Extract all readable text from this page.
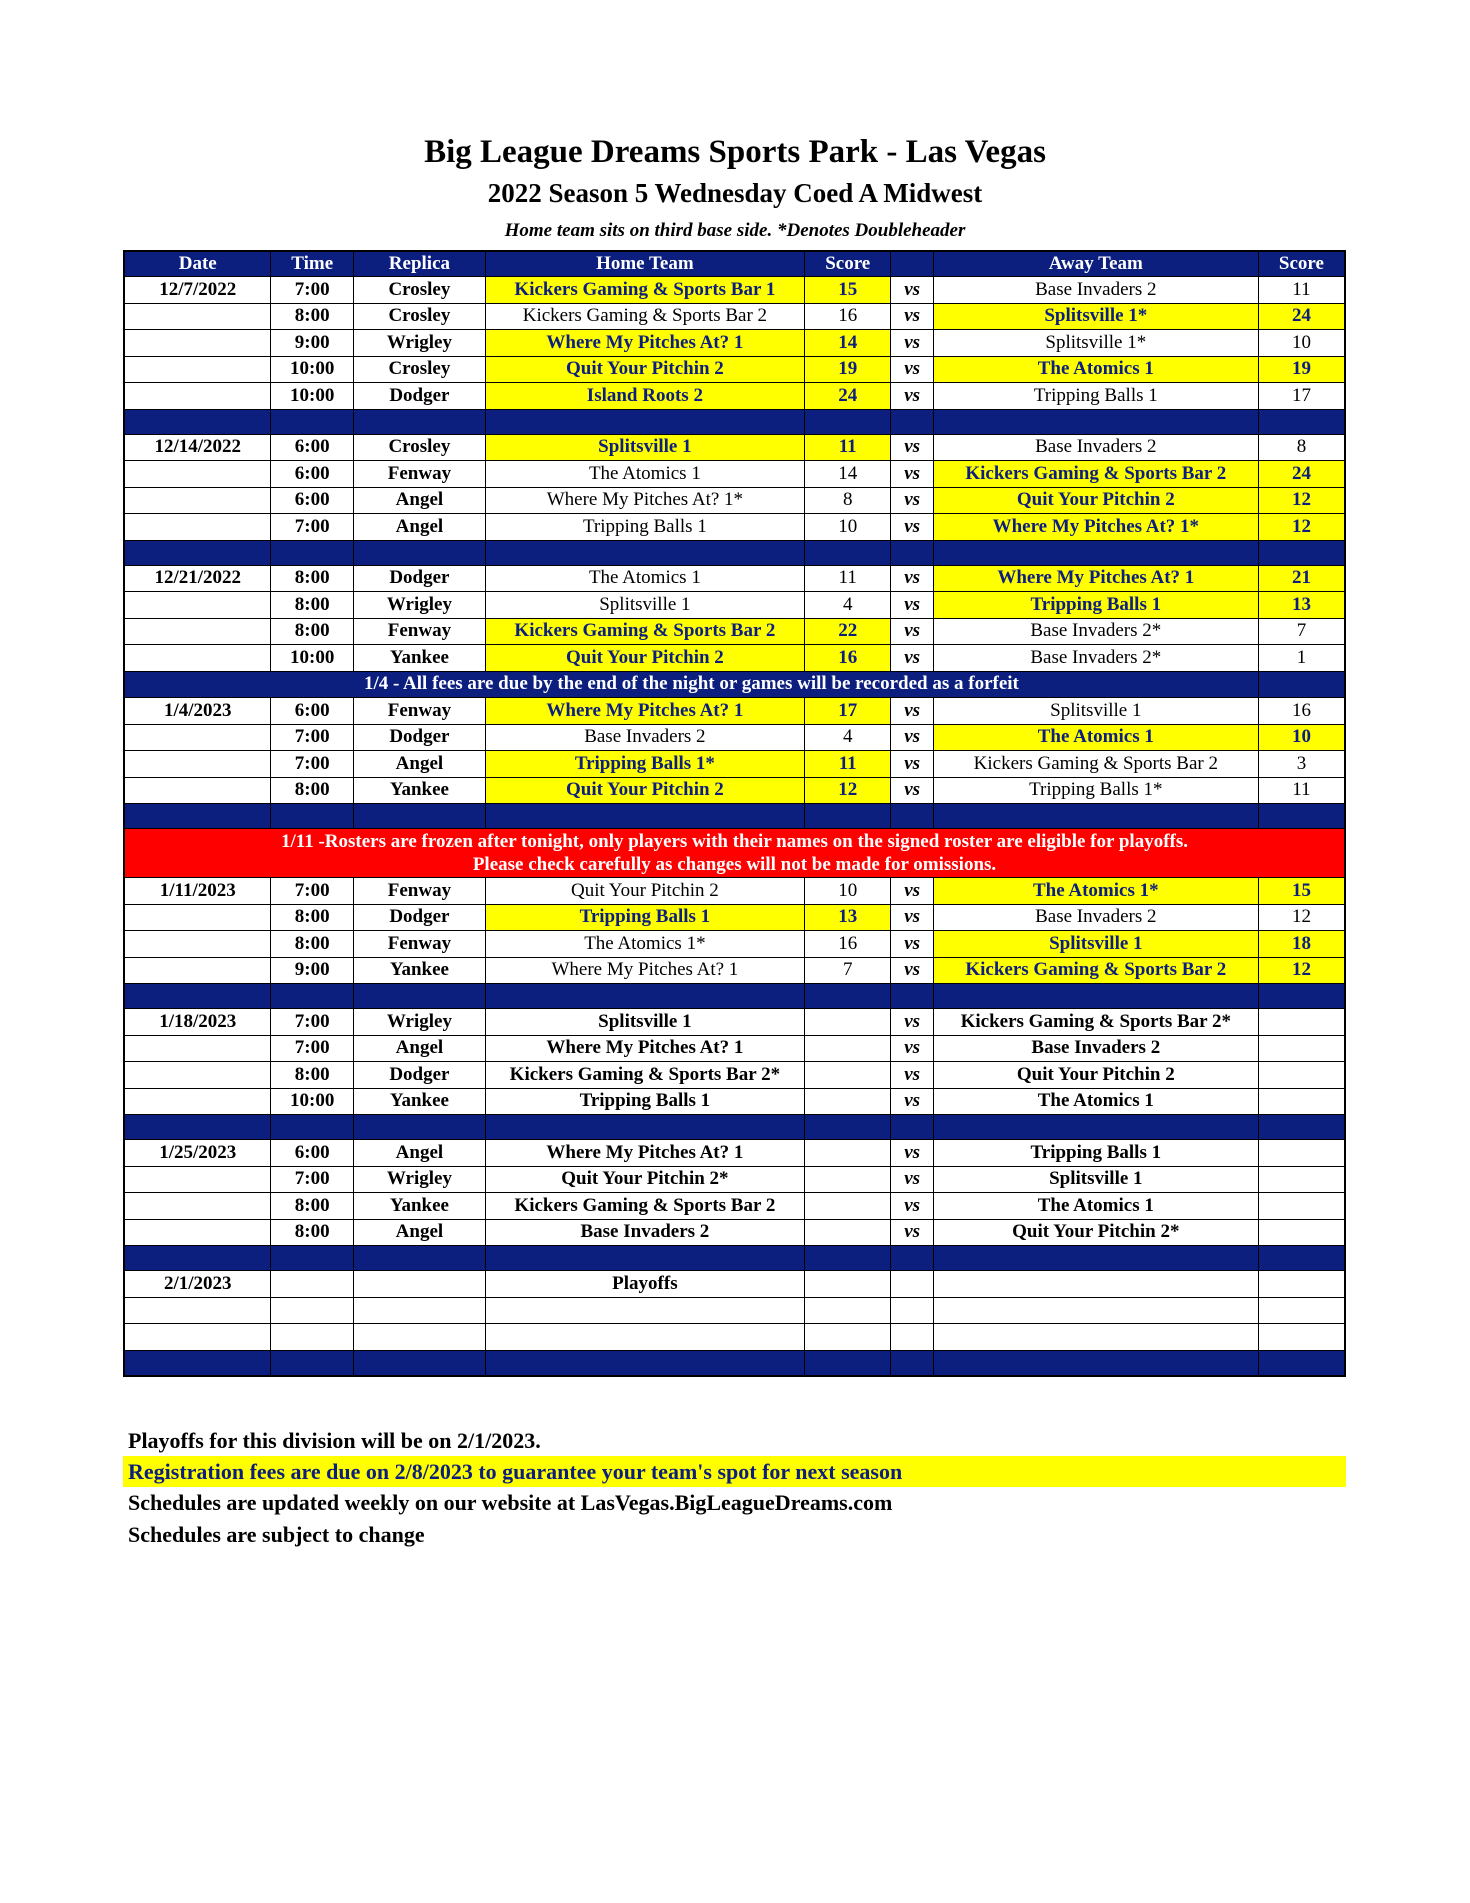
Big League Dreams Sports Park - Las Vegas
2022 Season 5 Wednesday Coed A Midwest
Home team sits on third base side. *Denotes Doubleheader
Date	Time	Replica	Home Team	Score		Away Team	Score
12/7/2022	7:00	Crosley	Kickers Gaming & Sports Bar 1	15	vs	Base Invaders 2	11
	8:00	Crosley	Kickers Gaming & Sports Bar 2	16	vs	Splitsville 1*	24
	9:00	Wrigley	Where My Pitches At? 1	14	vs	Splitsville 1*	10
	10:00	Crosley	Quit Your Pitchin 2	19	vs	The Atomics 1	19
	10:00	Dodger	Island Roots 2	24	vs	Tripping Balls 1	17

12/14/2022	6:00	Crosley	Splitsville 1	11	vs	Base Invaders 2	8
	6:00	Fenway	The Atomics 1	14	vs	Kickers Gaming & Sports Bar 2	24
	6:00	Angel	Where My Pitches At? 1*	8	vs	Quit Your Pitchin 2	12
	7:00	Angel	Tripping Balls 1	10	vs	Where My Pitches At? 1*	12

12/21/2022	8:00	Dodger	The Atomics 1	11	vs	Where My Pitches At? 1	21
	8:00	Wrigley	Splitsville 1	4	vs	Tripping Balls 1	13
	8:00	Fenway	Kickers Gaming & Sports Bar 2	22	vs	Base Invaders 2*	7
	10:00	Yankee	Quit Your Pitchin 2	16	vs	Base Invaders 2*	1
1/4 - All fees are due by the end of the night or games will be recorded as a forfeit							
1/4/2023	6:00	Fenway	Where My Pitches At? 1	17	vs	Splitsville 1	16
	7:00	Dodger	Base Invaders 2	4	vs	The Atomics 1	10
	7:00	Angel	Tripping Balls 1*	11	vs	Kickers Gaming & Sports Bar 2	3
	8:00	Yankee	Quit Your Pitchin 2	12	vs	Tripping Balls 1*	11

1/11 -Rosters are frozen after tonight, only players with their names on the signed roster are eligible for playoffs.
Please check carefully as changes will not be made for omissions.							

1/11/2023	7:00	Fenway	Quit Your Pitchin 2	10	vs	The Atomics 1*	15
	8:00	Dodger	Tripping Balls 1	13	vs	Base Invaders 2	12
	8:00	Fenway	The Atomics 1*	16	vs	Splitsville 1	18
	9:00	Yankee	Where My Pitches At? 1	7	vs	Kickers Gaming & Sports Bar 2	12

1/18/2023	7:00	Wrigley	Splitsville 1		vs	Kickers Gaming & Sports Bar 2*	
	7:00	Angel	Where My Pitches At? 1		vs	Base Invaders 2	
	8:00	Dodger	Kickers Gaming & Sports Bar 2*		vs	Quit Your Pitchin 2	
	10:00	Yankee	Tripping Balls 1		vs	The Atomics 1	

1/25/2023	6:00	Angel	Where My Pitches At? 1		vs	Tripping Balls 1	
	7:00	Wrigley	Quit Your Pitchin 2*		vs	Splitsville 1	
	8:00	Yankee	Kickers Gaming & Sports Bar 2		vs	The Atomics 1	
	8:00	Angel	Base Invaders 2		vs	Quit Your Pitchin 2*	

2/1/2023			Playoffs				

Playoffs for this division will be on 2/1/2023.
Registration fees are due on 2/8/2023 to guarantee your team's spot for next season
Schedules are updated weekly on our website at LasVegas.BigLeagueDreams.com
Schedules are subject to change
